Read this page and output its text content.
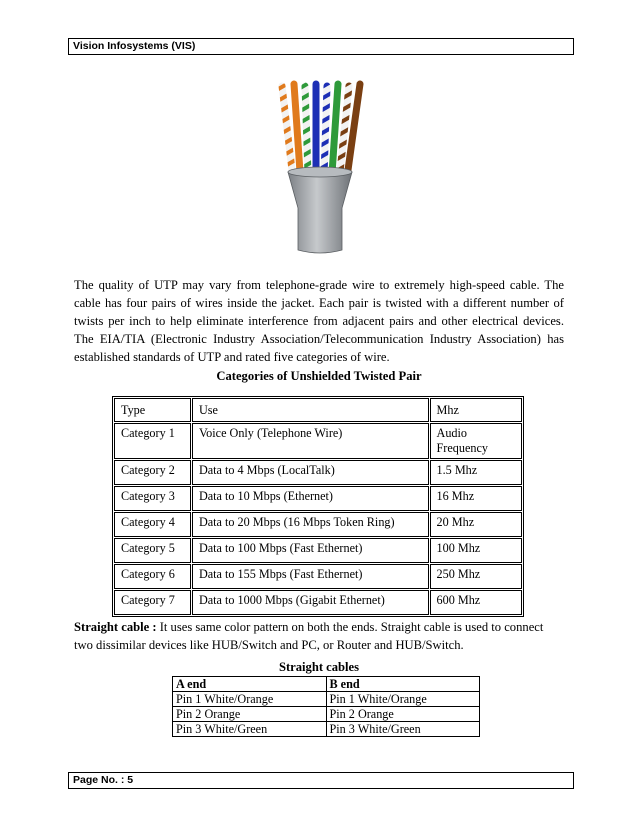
Vision Infosystems (VIS)
The quality of UTP may vary from telephone-grade wire to extremely high-speed cable. The cable has four pairs of wires inside the jacket. Each pair is twisted with a different number of twists per inch to help eliminate interference from adjacent pairs and other electrical devices. The EIA/TIA (Electronic Industry Association/Telecommunication Industry Association) has established standards of UTP and rated five categories of wire.
Categories of Unshielded Twisted Pair
Type	Use	Mhz
Category 1	Voice Only (Telephone Wire)	Audio Frequency
Category 2	Data to 4 Mbps (LocalTalk)	1.5 Mhz
Category 3	Data to 10 Mbps (Ethernet)	16 Mhz
Category 4	Data to 20 Mbps (16 Mbps Token Ring)	20 Mhz
Category 5	Data to 100 Mbps (Fast Ethernet)	100 Mhz
Category 6	Data to 155 Mbps (Fast Ethernet)	250 Mhz
Category 7	Data to 1000 Mbps (Gigabit Ethernet)	600 Mhz
Straight cable : It uses same color pattern on both the ends. Straight cable is used to connect two dissimilar devices like HUB/Switch and PC, or Router and HUB/Switch.
Straight cables
A end	B end
Pin 1 White/Orange	Pin 1 White/Orange
Pin 2 Orange	Pin 2 Orange
Pin 3 White/Green	Pin 3 White/Green
Page No. : 5
